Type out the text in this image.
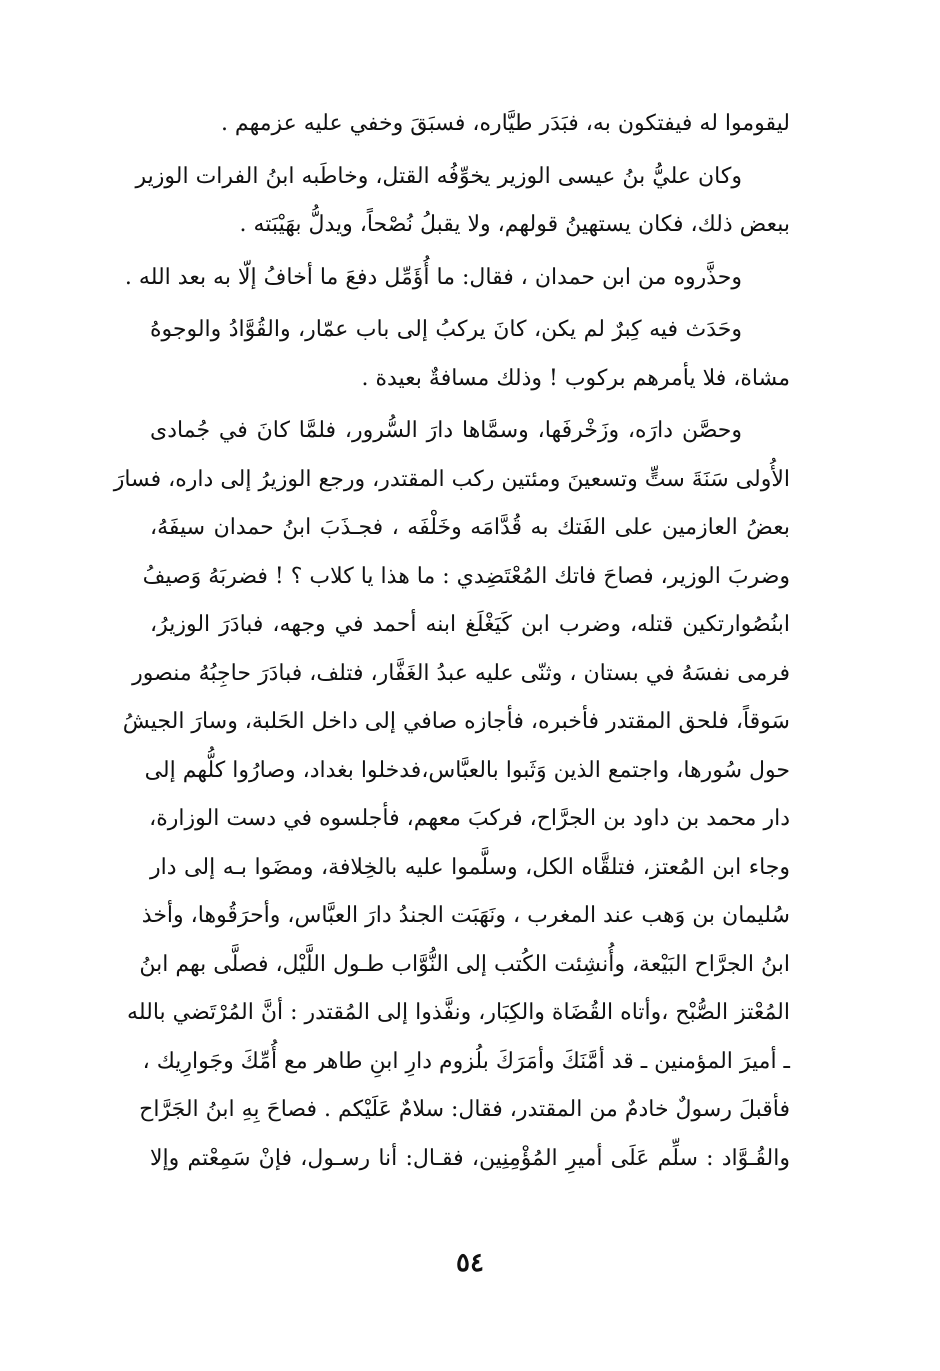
ليقوموا له فيفتكون به، فبَدَر طيَّاره، فسبَقَ وخفي عليه عزمهم .

وكان عليُّ بنُ عيسى الوزير يخوِّفُه القتل، وخاطَبه ابنُ الفرات الوزير
ببعض ذلك، فكان يستهينُ قولهم، ولا يقبلُ نُصْحاً، ويدلُّ بهَيْبَته .

وحذَّروه من ابن حمدان ، فقال: ما أُؤَمِّل دفعَ ما أخافُ إلّا به بعد الله .

وحَدَث فيه كِبرٌ لم يكن، كانَ يركبُ إلى باب عمّار، والقُوَّادُ والوجوهُ
مشاة، فلا يأمرهم بركوب ! وذلك مسافةٌ بعيدة .

وحصَّن دارَه، وزَخْرفَها، وسمَّاها دارَ السُّرور، فلمَّا كانَ في جُمادى
الأُولى سَنَةَ ستٍّ وتسعينَ ومئتين ركب المقتدر، ورجع الوزيرُ إلى داره، فسارَ
بعضُ العازمين على الفَتك به قُدَّامَه وخَلْفَه ، فجـذَبَ ابنُ حمدان سيفَهُ،
وضربَ الوزير، فصاحَ فاتك المُعْتَضِدي : ما هذا يا كلاب ؟ ! فضربَهُ وَصيفُ
ابنُصُوارتكين قتله، وضرب ابن كَيَغْلَغ ابنه أحمد في وجهه، فبادَرَ الوزيرُ،
فرمى نفسَهُ في بستان ، وثنّى عليه عبدُ الغَفَّار، فتلف، فبادَرَ حاجِبُهُ منصور
سَوقاً، فلحق المقتدر فأخبره، فأجازه صافي إلى داخل الحَلبة، وسارَ الجيشُ
حول سُورها، واجتمع الذين وَثَبوا بالعبَّاس،فدخلوا بغداد، وصارُوا كلُّهم إلى
دار محمد بن داود بن الجرَّاح، فركبَ معهم، فأجلسوه في دست الوزارة،
وجاء ابن المُعتز، فتلقَّاه الكل، وسلَّموا عليه بالخِلافة، ومضَوا بـه إلى دار
سُليمان بن وَهب عند المغرب ، ونَهَبَت الجندُ دارَ العبَّاس، وأحرَقُوها، وأخذ
ابنُ الجرَّاح البَيْعة، وأُنشِئت الكُتب إلى النُّوَّاب طـول اللَّيْل، فصلَّى بهم ابنُ
المُعْتز الصُّبْح ،وأتاه القُضَاة والكِبَار، ونفَّذوا إلى المُقتدر : أنَّ المُرْتَضي بالله
ـ أميرَ المؤمنين ـ قد أمَّنَكَ وأمَرَكَ بلُزوم دارِ ابنِ طاهر مع أُمِّكَ وجَوارِيك ،
فأقبلَ رسولٌ خادمٌ من المقتدر، فقال: سلامٌ عَلَيْكم . فصاحَ بِهِ ابنُ الجَرَّاح
والقُـوَّاد : سلِّم عَلَى أميرِ المُؤْمِنِين، فقـال: أنا رسـول، فإنْ سَمِعْتم وإلا

٥٤
